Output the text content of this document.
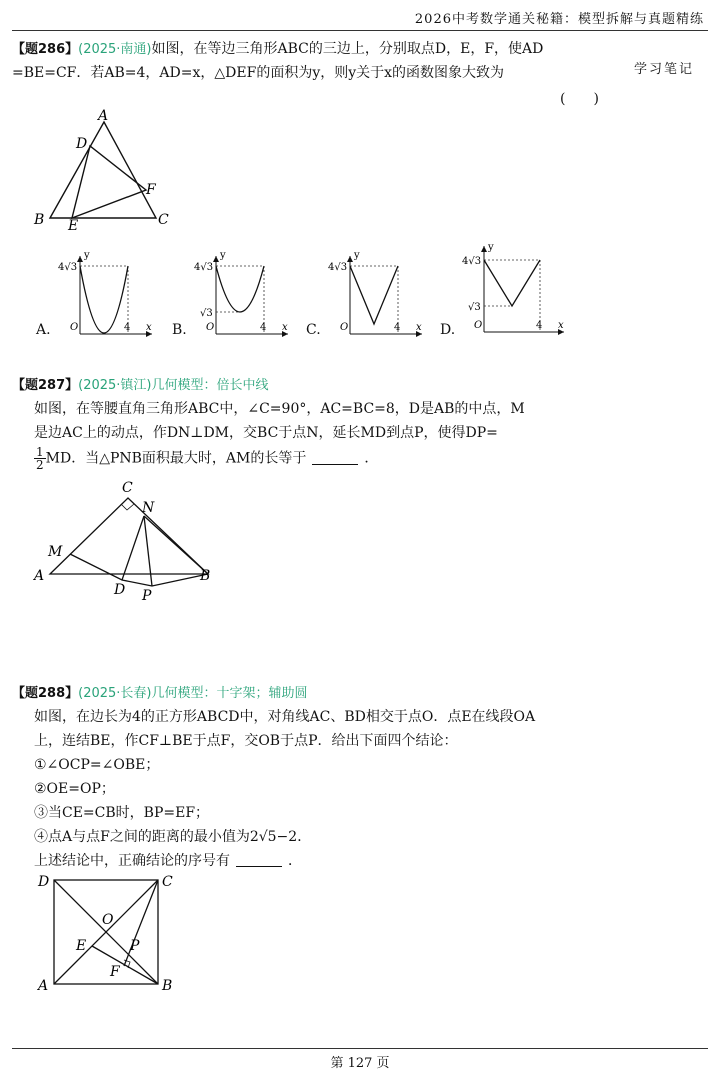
2026中考数学通关秘籍：模型拆解与真题精练
学习笔记
【题286】(2025·南通)如图，在等边三角形ABC的三边上，分别取点D，E，F，使AD
=BE=CF．若AB=4，AD=x，△DEF的面积为y，则y关于x的函数图象大致为
(　　)
A
B	C
D
E
F
A.
y
4√3
O	4 x B.
y
4√3
√3
O	4 x C.
y
4√3
O	4 x D.
y
4√3
√3
O	4 x
【题287】(2025·镇江)几何模型：倍长中线
如图，在等腰直角三角形ABC中，∠C=90°，AC=BC=8，D是AB的中点，M
是边AC上的动点，作DN⊥DM，交BC于点N，延长MD到点P，使得DP=
$\frac{1}{2}$ MD．当△PNB面积最大时，AM的长等于	．
C
N
M
A
D P
B
【题288】(2025·长春)几何模型：十字架；辅助圆
如图，在边长为4的正方形ABCD中，对角线AC、BD相交于点O．点E在线段OA
上，连结BE，作CF⊥BE于点F，交OB于点P．给出下面四个结论：
①∠OCP=∠OBE；
②OE=OP；
③当CE=CB时，BP=EF；
④点A与点F之间的距离的最小值为2√5−2．
上述结论中，正确结论的序号有	．
D	C
A	B
O
E	P
F
第 127 页
